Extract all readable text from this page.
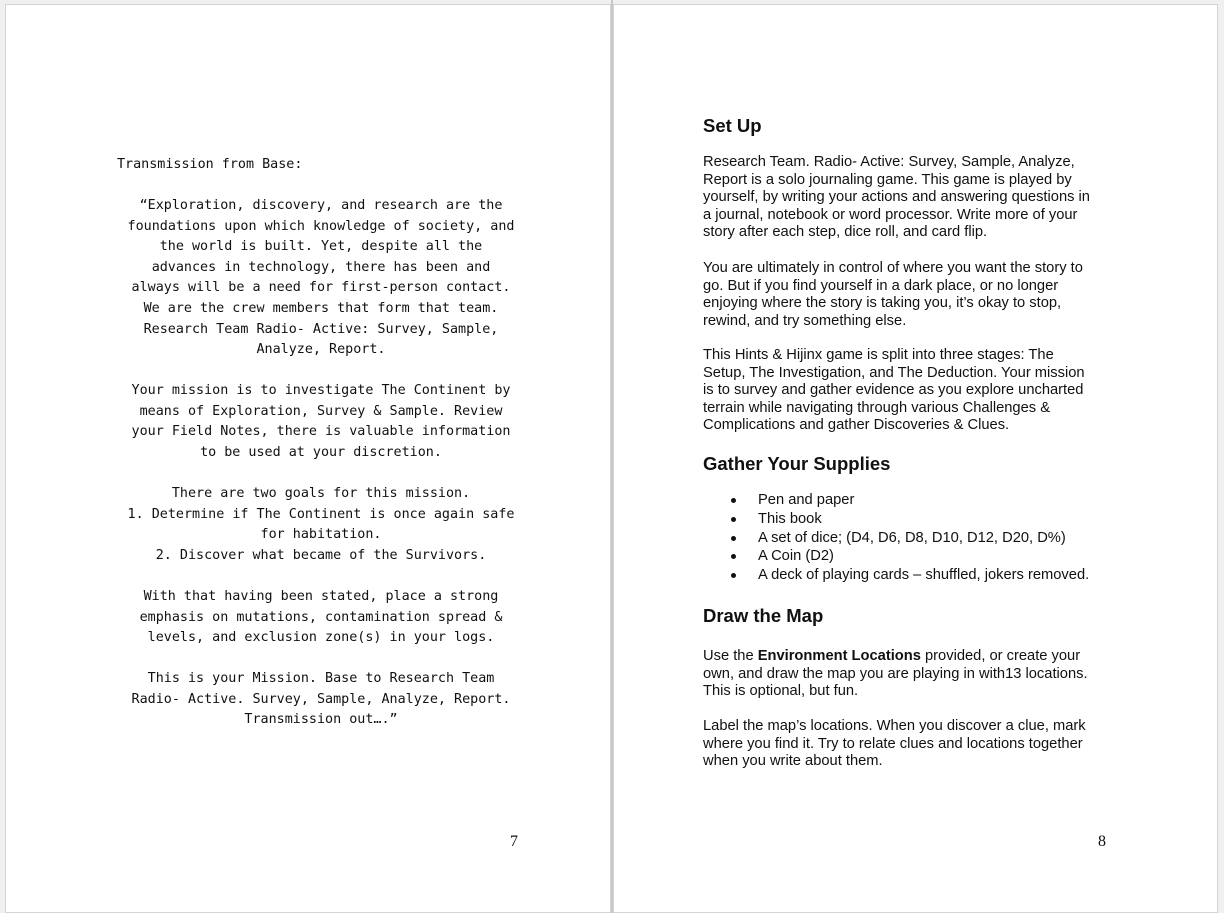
Transmission from Base:
“Exploration, discovery, and research are the
foundations upon which knowledge of society, and
the world is built. Yet, despite all the
advances in technology, there has been and
always will be a need for first-person contact.
We are the crew members that form that team.
Research Team Radio- Active: Survey, Sample,
Analyze, Report.
Your mission is to investigate The Continent by
means of Exploration, Survey & Sample. Review
your Field Notes, there is valuable information
to be used at your discretion.
There are two goals for this mission.
1. Determine if The Continent is once again safe
for habitation.
2. Discover what became of the Survivors.
With that having been stated, place a strong
emphasis on mutations, contamination spread &
levels, and exclusion zone(s) in your logs.
This is your Mission. Base to Research Team
Radio- Active. Survey, Sample, Analyze, Report.
Transmission out….”
7
Set Up
Research Team. Radio- Active: Survey, Sample, Analyze,
Report is a solo journaling game. This game is played by
yourself, by writing your actions and answering questions in
a journal, notebook or word processor. Write more of your
story after each step, dice roll, and card flip.
You are ultimately in control of where you want the story to
go. But if you find yourself in a dark place, or no longer
enjoying where the story is taking you, it’s okay to stop,
rewind, and try something else.
This Hints & Hijinx game is split into three stages: The
Setup, The Investigation, and The Deduction. Your mission
is to survey and gather evidence as you explore uncharted
terrain while navigating through various Challenges &
Complications and gather Discoveries & Clues.
Gather Your Supplies
Pen and paper
This book
A set of dice; (D4, D6, D8, D10, D12, D20, D%)
A Coin (D2)
A deck of playing cards – shuffled, jokers removed.
Draw the Map
Use the Environment Locations provided, or create your
own, and draw the map you are playing in with13 locations.
This is optional, but fun.
Label the map’s locations. When you discover a clue, mark
where you find it. Try to relate clues and locations together
when you write about them.
8
